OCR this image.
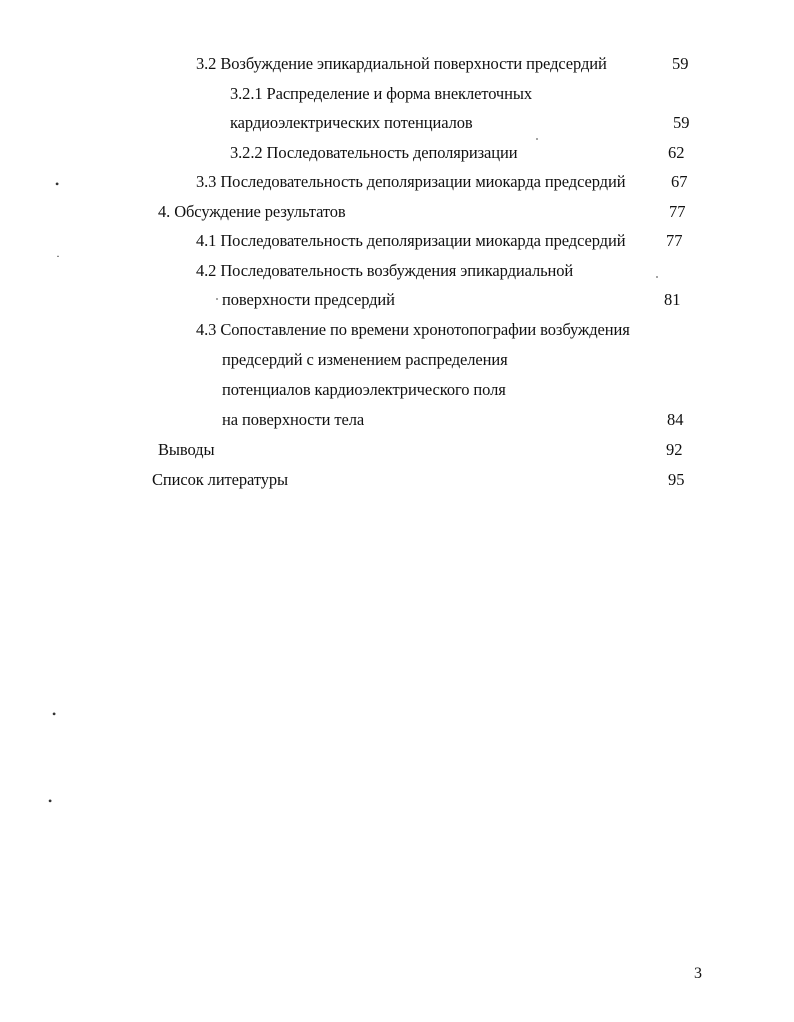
3.2 Возбуждение эпикардиальной поверхности предсердий	59
3.2.1 Распределение и форма внеклеточных
кардиоэлектрических потенциалов	59
3.2.2 Последовательность деполяризации	62
3.3 Последовательность деполяризации миокарда предсердий	67
4. Обсуждение результатов	77
4.1 Последовательность деполяризации миокарда предсердий 77
4.2 Последовательность возбуждения эпикардиальной
поверхности предсердий	81
4.3 Сопоставление по времени хронотопографии возбуждения
предсердий с изменением распределения
потенциалов кардиоэлектрического поля
на поверхности тела	84
Выводы	92
Список литературы	95
3
•
·
•
•
